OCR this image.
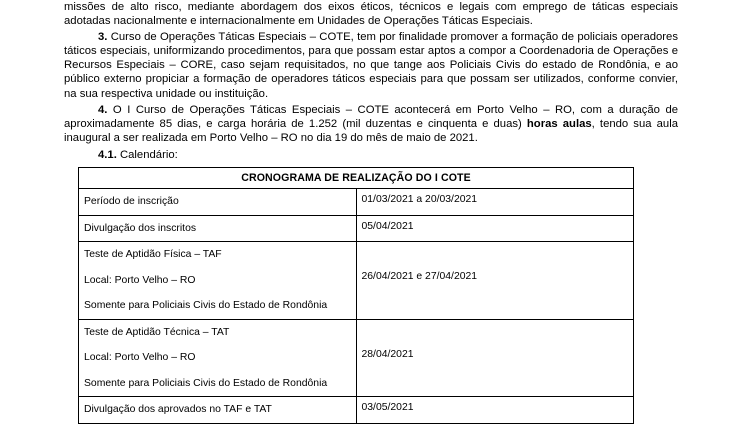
missões de alto risco, mediante abordagem dos eixos éticos, técnicos e legais com emprego de táticas especiais adotadas nacionalmente e internacionalmente em Unidades de Operações Táticas Especiais.

3. Curso de Operações Táticas Especiais – COTE, tem por finalidade promover a formação de policiais operadores táticos especiais, uniformizando procedimentos, para que possam estar aptos a compor a Coordenadoria de Operações e Recursos Especiais – CORE, caso sejam requisitados, no que tange aos Policiais Civis do estado de Rondônia, e ao público externo propiciar a formação de operadores táticos especiais para que possam ser utilizados, conforme convier, na sua respectiva unidade ou instituição.

4. O I Curso de Operações Táticas Especiais – COTE acontecerá em Porto Velho – RO, com a duração de aproximadamente 85 dias, e carga horária de 1.252 (mil duzentas e cinquenta e duas) horas aulas, tendo sua aula inaugural a ser realizada em Porto Velho – RO no dia 19 do mês de maio de 2021.

4.1. Calendário:

CRONOGRAMA DE REALIZAÇÃO DO I COTE	

Período de inscrição	01/03/2021 a 20/03/2021

Divulgação dos inscritos	05/04/2021

Teste de Aptidão Física – TAF
Local: Porto Velho – RO
Somente para Policiais Civis do Estado de Rondônia	26/04/2021 e 27/04/2021

Teste de Aptidão Técnica – TAT
Local: Porto Velho – RO
Somente para Policiais Civis do Estado de Rondônia	28/04/2021

Divulgação dos aprovados no TAF e TAT	03/05/2021
